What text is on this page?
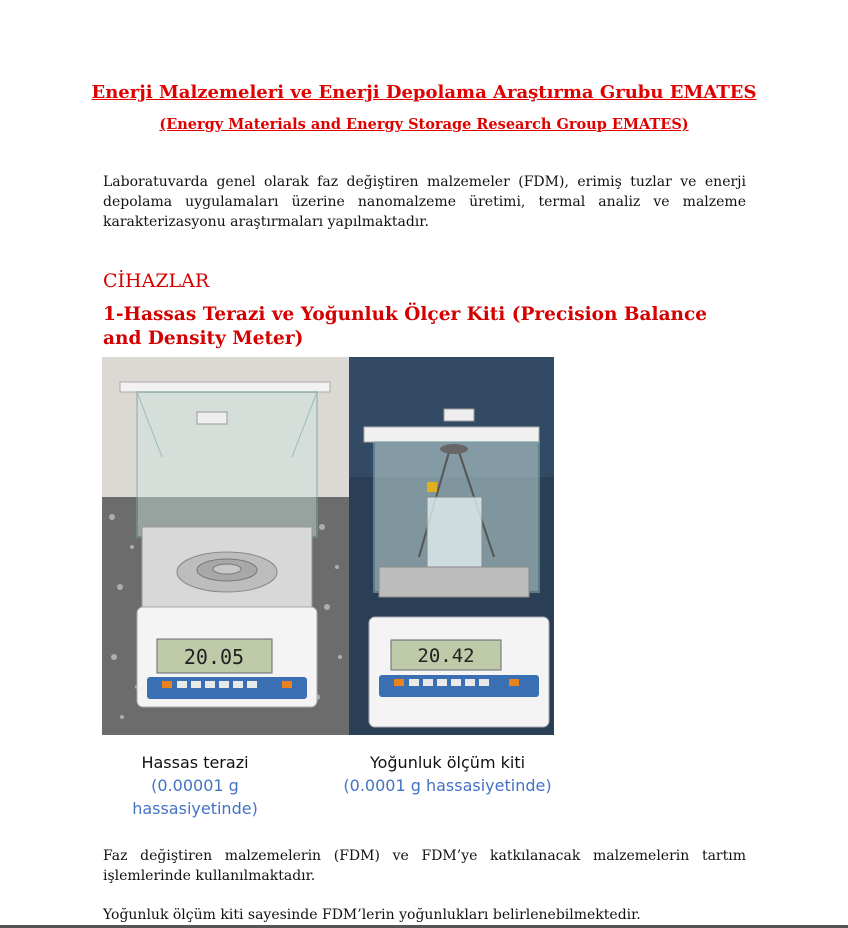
Enerji Malzemeleri ve Enerji Depolama Araştırma Grubu EMATES
(Energy Materials and Energy Storage Research Group EMATES)
Laboratuvarda genel olarak faz değiştiren malzemeler (FDM), erimiş tuzlar ve enerji depolama uygulamaları üzerine nanomalzeme üretimi, termal analiz ve malzeme karakterizasyonu araştırmaları yapılmaktadır.
CİHAZLAR
1-Hassas Terazi ve Yoğunluk Ölçer Kiti (Precision Balance and Density Meter)
20.05	20.42
Hassas terazi
(0.00001 g hassasiyetinde)
Yoğunluk ölçüm kiti
(0.0001 g hassasiyetinde)
Faz değiştiren malzemelerin (FDM) ve FDM’ye katkılanacak malzemelerin tartım işlemlerinde kullanılmaktadır.
Yoğunluk ölçüm kiti sayesinde FDM’lerin yoğunlukları belirlenebilmektedir.
